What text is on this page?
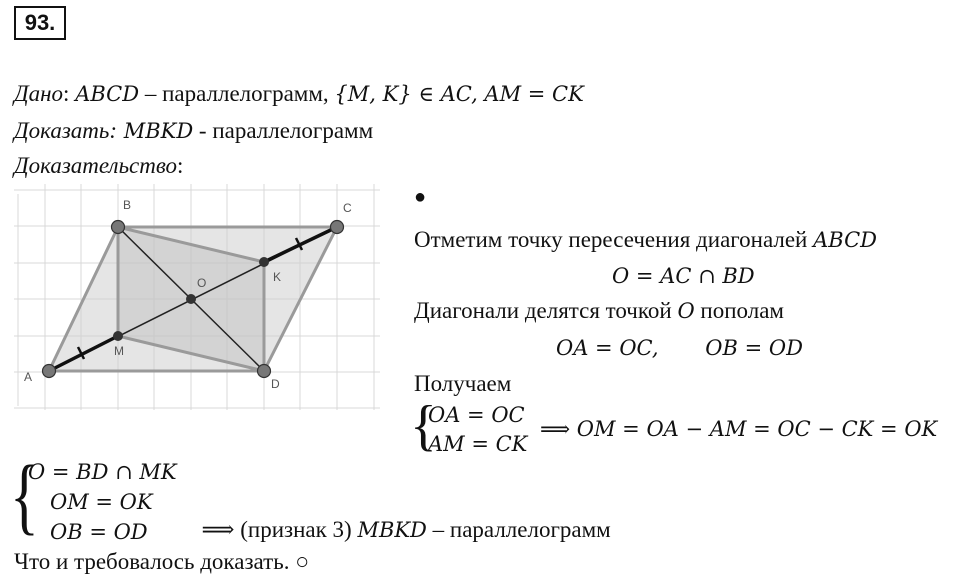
93.
Дано: ABCD – параллелограмм, {M, K} ∈ AC, AM = CK
Доказать: MBKD - параллелограмм
Доказательство:
A
B	C
D
O	K
M
●
Отметим точку пересечения диагоналей ABCD
O = AC ∩ BD
Диагонали делятся точкой O пополам
OA = OC,       OB = OD
Получаем
{
OA = OC
AM = CK
⟹ OM = OA − AM = OC − CK = OK
{
O = BD ∩ MK
OM = OK
OB = OD	⟹ (признак 3) MBKD – параллелограмм

Что и требовалось доказать. ○
